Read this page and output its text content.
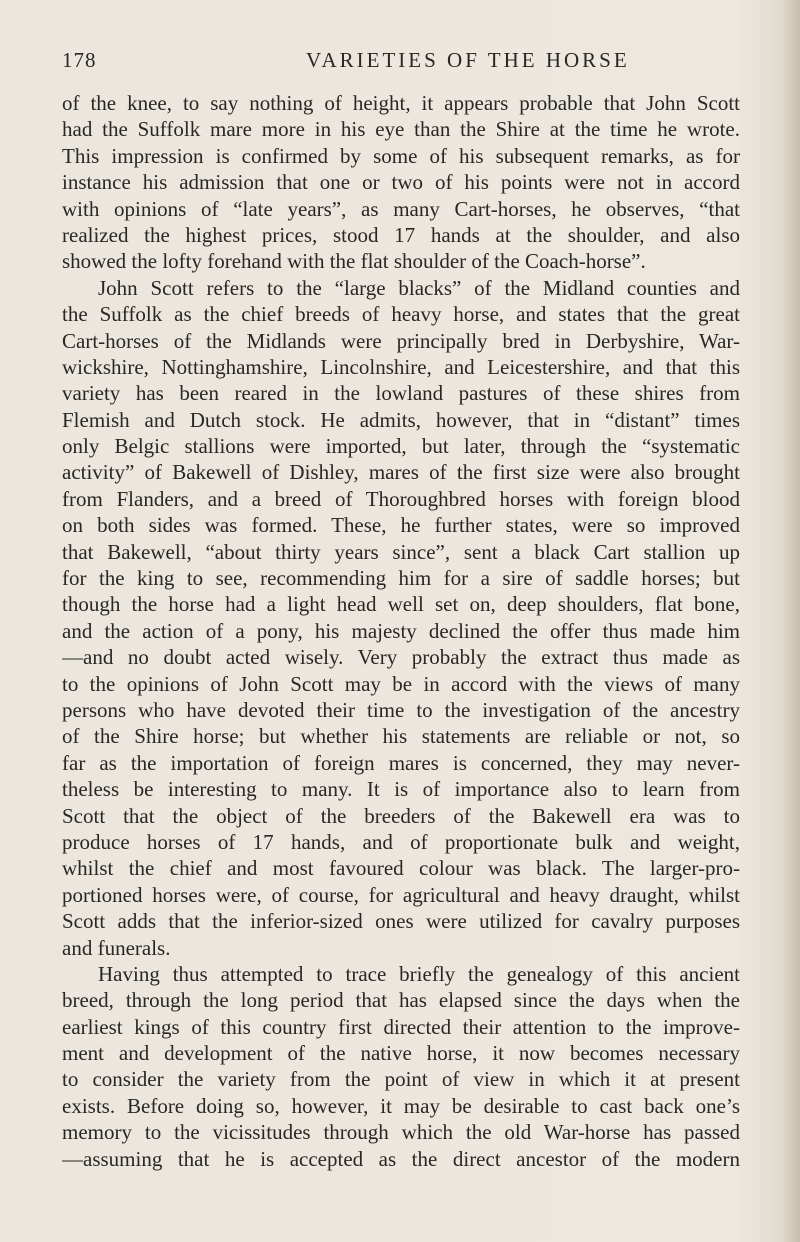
178	VARIETIES OF THE HORSE
of the knee, to say nothing of height, it appears probable that John Scott
had the Suffolk mare more in his eye than the Shire at the time he wrote.
This impression is confirmed by some of his subsequent remarks, as for
instance his admission that one or two of his points were not in accord
with opinions of “late years”, as many Cart-horses, he observes, “that
realized the highest prices, stood 17 hands at the shoulder, and also
showed the lofty forehand with the flat shoulder of the Coach-horse”.
John Scott refers to the “large blacks” of the Midland counties and
the Suffolk as the chief breeds of heavy horse, and states that the great
Cart-horses of the Midlands were principally bred in Derbyshire, War-
wickshire, Nottinghamshire, Lincolnshire, and Leicestershire, and that this
variety has been reared in the lowland pastures of these shires from
Flemish and Dutch stock. He admits, however, that in “distant” times
only Belgic stallions were imported, but later, through the “systematic
activity” of Bakewell of Dishley, mares of the first size were also brought
from Flanders, and a breed of Thoroughbred horses with foreign blood
on both sides was formed. These, he further states, were so improved
that Bakewell, “about thirty years since”, sent a black Cart stallion up
for the king to see, recommending him for a sire of saddle horses; but
though the horse had a light head well set on, deep shoulders, flat bone,
and the action of a pony, his majesty declined the offer thus made him
—and no doubt acted wisely. Very probably the extract thus made as
to the opinions of John Scott may be in accord with the views of many
persons who have devoted their time to the investigation of the ancestry
of the Shire horse; but whether his statements are reliable or not, so
far as the importation of foreign mares is concerned, they may never-
theless be interesting to many. It is of importance also to learn from
Scott that the object of the breeders of the Bakewell era was to
produce horses of 17 hands, and of proportionate bulk and weight,
whilst the chief and most favoured colour was black. The larger-pro-
portioned horses were, of course, for agricultural and heavy draught, whilst
Scott adds that the inferior-sized ones were utilized for cavalry purposes
and funerals.
Having thus attempted to trace briefly the genealogy of this ancient
breed, through the long period that has elapsed since the days when the
earliest kings of this country first directed their attention to the improve-
ment and development of the native horse, it now becomes necessary
to consider the variety from the point of view in which it at present
exists. Before doing so, however, it may be desirable to cast back one’s
memory to the vicissitudes through which the old War-horse has passed
—assuming that he is accepted as the direct ancestor of the modern
